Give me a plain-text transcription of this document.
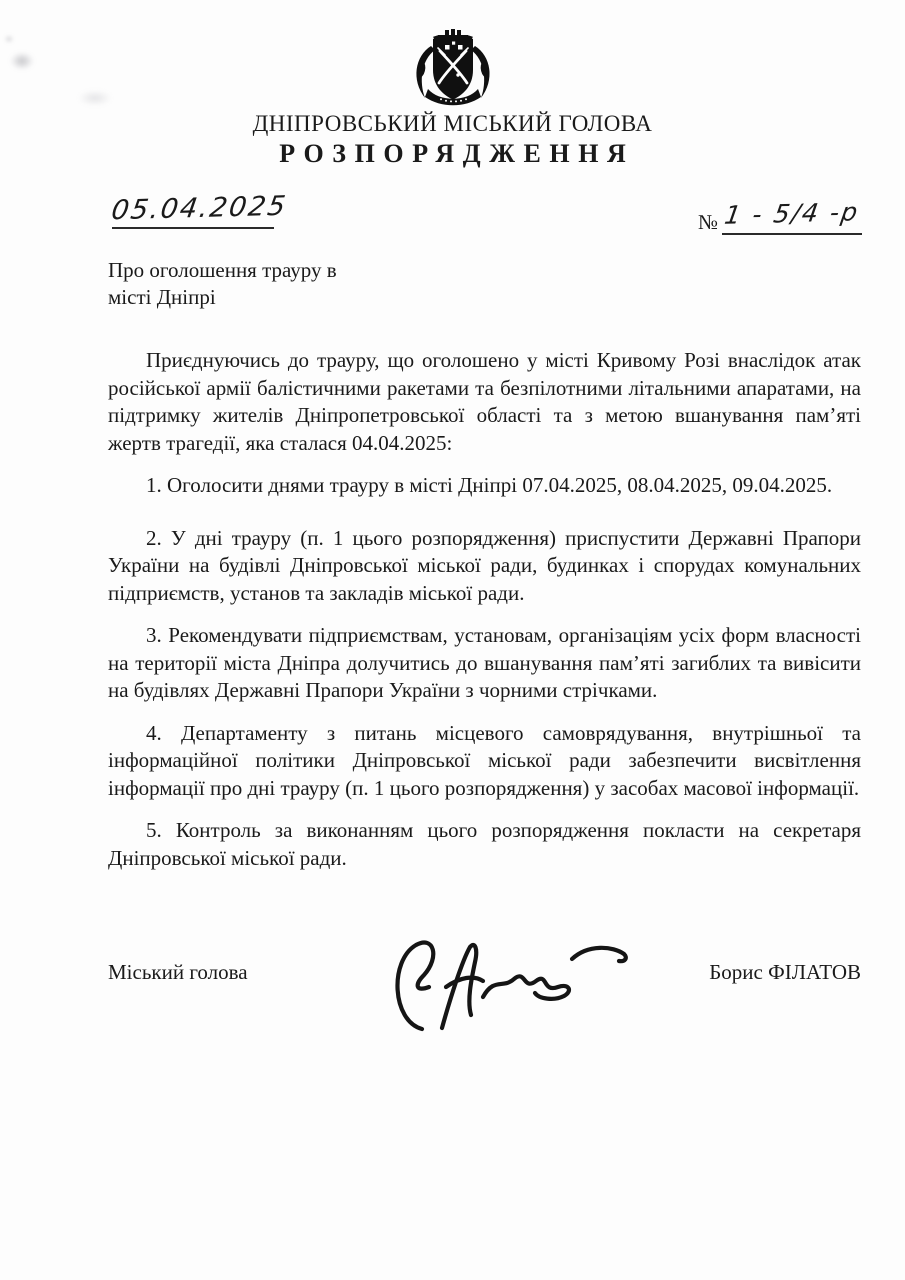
ДНІПРОВСЬКИЙ МІСЬКИЙ ГОЛОВА
РОЗПОРЯДЖЕННЯ
05.04.2025	№ 1 - 5/4 -р
Про оголошення трауру в
місті Дніпрі

Приєднуючись до трауру, що оголошено у місті Кривому Розі внаслідок атак російської армії балістичними ракетами та безпілотними літальними апаратами, на підтримку жителів Дніпропетровської області та з метою вшанування пам’яті жертв трагедії, яка сталася 04.04.2025:

1. Оголосити днями трауру в місті Дніпрі 07.04.2025, 08.04.2025, 09.04.2025.

2. У дні трауру (п. 1 цього розпорядження) приспустити Державні Прапори України на будівлі Дніпровської міської ради, будинках і спорудах комунальних підприємств, установ та закладів міської ради.

3. Рекомендувати підприємствам, установам, організаціям усіх форм власності на території міста Дніпра долучитись до вшанування пам’яті загиблих та вивісити на будівлях Державні Прапори України з чорними стрічками.

4. Департаменту з питань місцевого самоврядування, внутрішньої та інформаційної політики Дніпровської міської ради забезпечити висвітлення інформації про дні трауру (п. 1 цього розпорядження) у засобах масової інформації.

5. Контроль за виконанням цього розпорядження покласти на секретаря Дніпровської міської ради.

Міський голова	Борис ФІЛАТОВ
